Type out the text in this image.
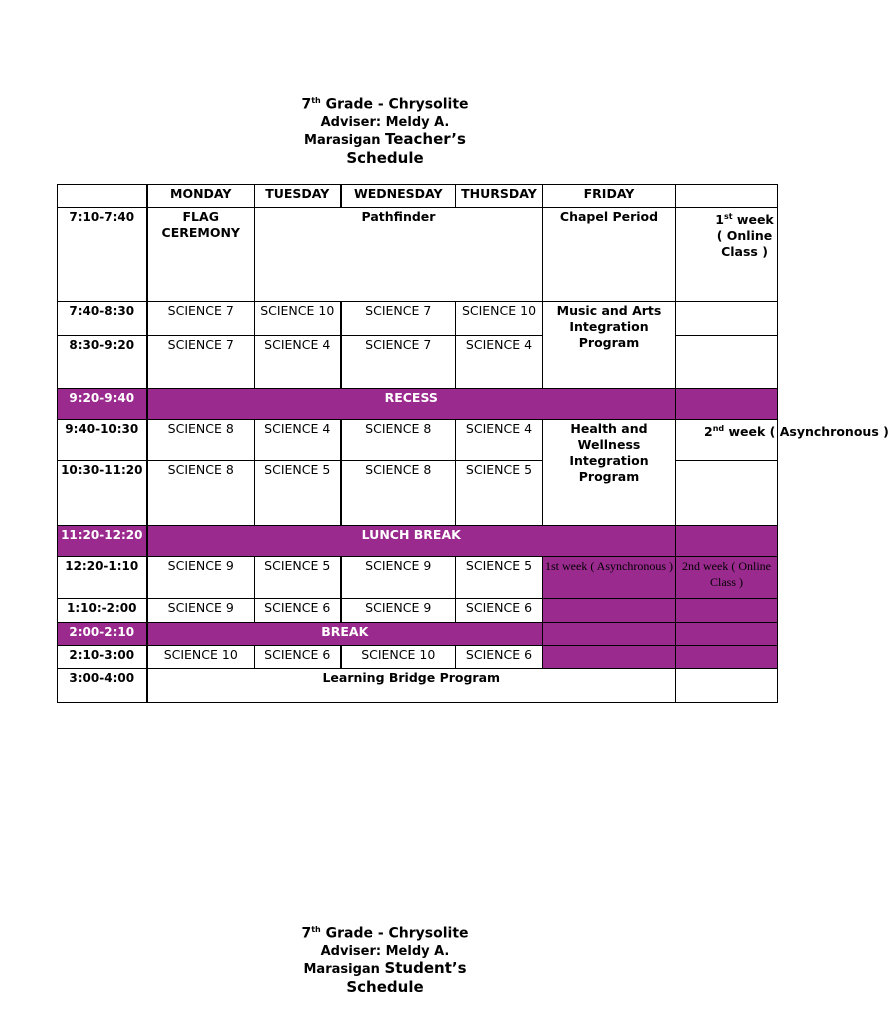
7th Grade - Chrysolite
Adviser: Meldy A.
Marasigan Teacher’s
Schedule
	MONDAY	TUESDAY	WEDNESDAY	THURSDAY	FRIDAY	
7:10-7:40	FLAG CEREMONY	Pathfinder			Chapel Period	1st week ( Online Class )
7:40-8:30	SCIENCE 7	SCIENCE 10	SCIENCE 7	SCIENCE 10	Music and Arts Integration Program	
8:30-9:20	SCIENCE 7	SCIENCE 4	SCIENCE 7	SCIENCE 4		
9:20-9:40	RECESS					
9:40-10:30	SCIENCE 8	SCIENCE 4	SCIENCE 8	SCIENCE 4	Health and Wellness Integration Program	2nd week ( Asynchronous )
10:30-11:20	SCIENCE 8	SCIENCE 5	SCIENCE 8	SCIENCE 5		
11:20-12:20	LUNCH BREAK					
12:20-1:10	SCIENCE 9	SCIENCE 5	SCIENCE 9	SCIENCE 5	1st week ( Asynchronous )	2nd week ( Online Class )
1:10:-2:00	SCIENCE 9	SCIENCE 6	SCIENCE 9	SCIENCE 6		
2:00-2:10	BREAK					
2:10-3:00	SCIENCE 10	SCIENCE 6	SCIENCE 10	SCIENCE 6		
3:00-4:00	Learning Bridge Program					
7th Grade - Chrysolite
Adviser: Meldy A.
Marasigan Student’s
Schedule
